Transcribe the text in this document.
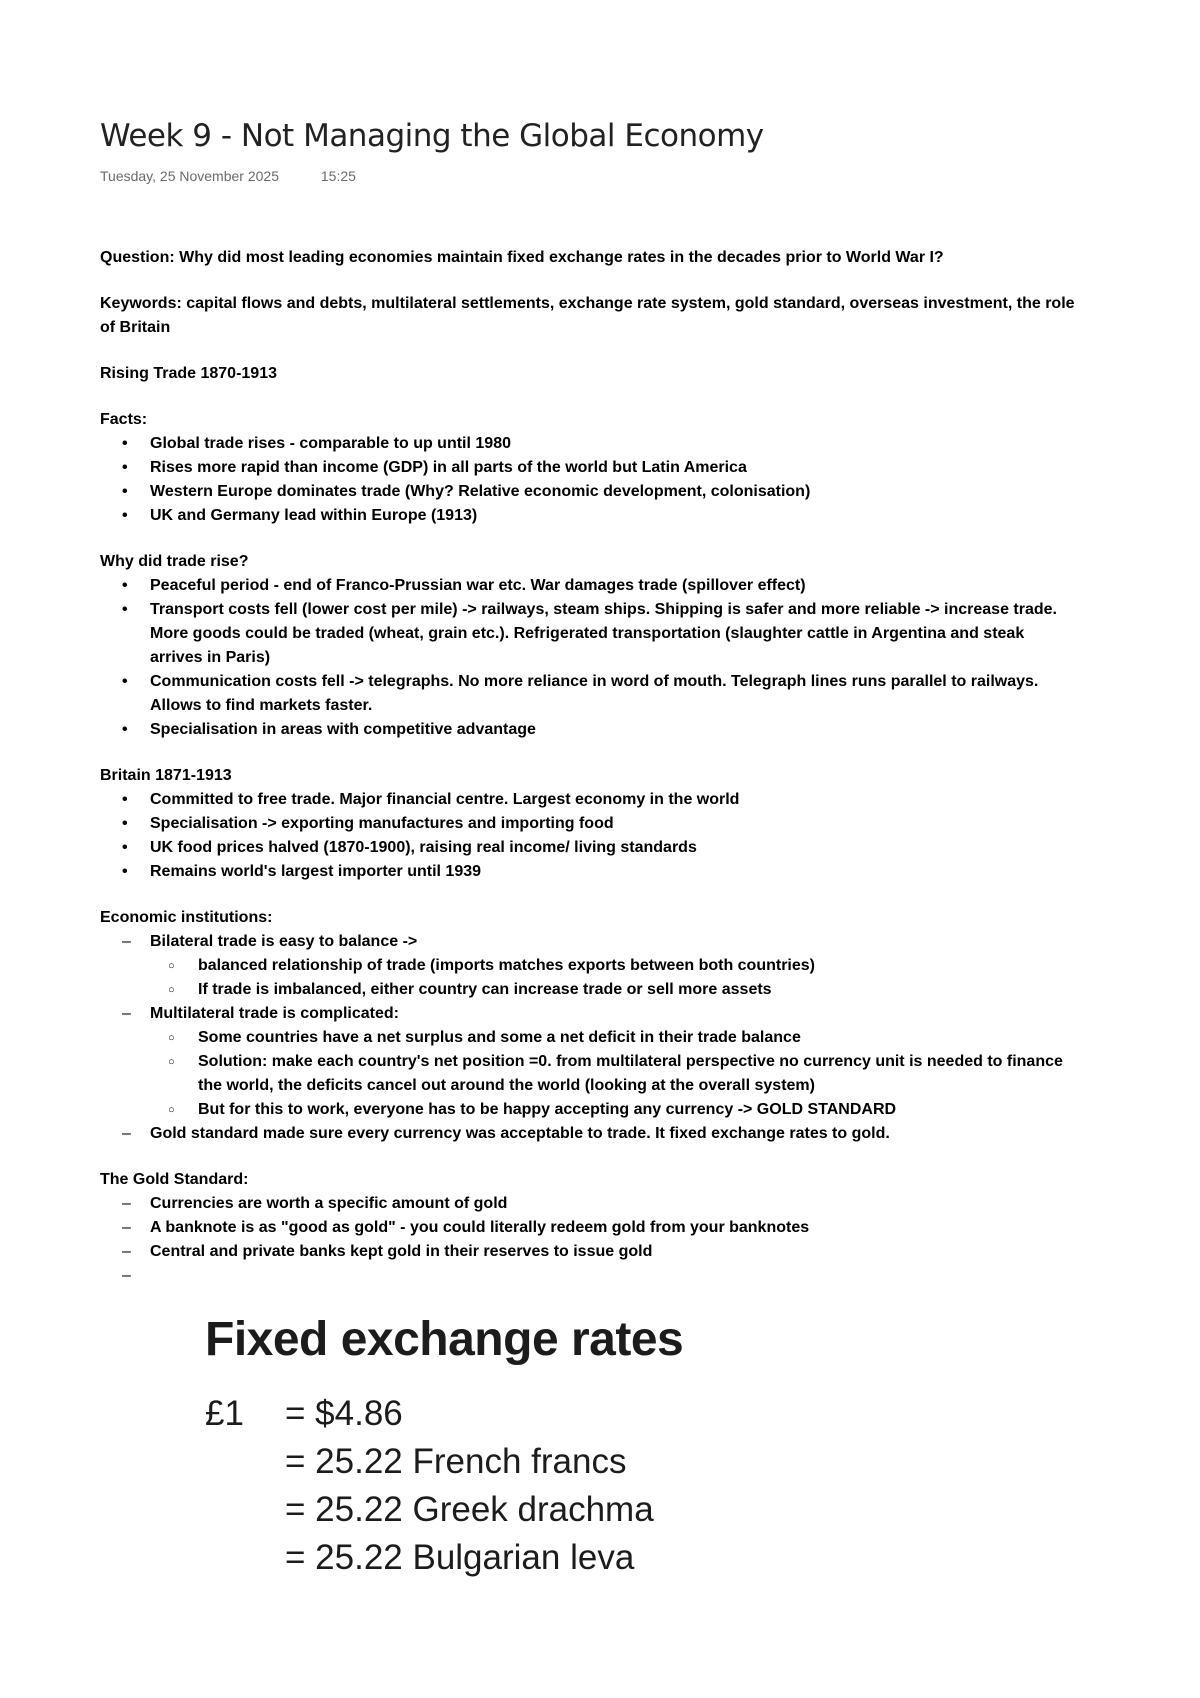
Week 9 - Not Managing the Global Economy
Tuesday, 25 November 2025	15:25

Question: Why did most leading economies maintain fixed exchange rates in the decades prior to World War I?

Keywords: capital flows and debts, multilateral settlements, exchange rate system, gold standard, overseas investment, the role of Britain

Rising Trade 1870-1913

Facts:

• Global trade rises - comparable to up until 1980
• Rises more rapid than income (GDP) in all parts of the world but Latin America
• Western Europe dominates trade (Why? Relative economic development, colonisation)
• UK and Germany lead within Europe (1913)

Why did trade rise?

• Peaceful period - end of Franco-Prussian war etc. War damages trade (spillover effect)
• Transport costs fell (lower cost per mile) -> railways, steam ships. Shipping is safer and more reliable -> increase trade. More goods could be traded (wheat, grain etc.). Refrigerated transportation (slaughter cattle in Argentina and steak arrives in Paris)
• Communication costs fell -> telegraphs. No more reliance in word of mouth. Telegraph lines runs parallel to railways. Allows to find markets faster.
• Specialisation in areas with competitive advantage

Britain 1871-1913

• Committed to free trade. Major financial centre. Largest economy in the world
• Specialisation -> exporting manufactures and importing food
• UK food prices halved (1870-1900), raising real income/ living standards
• Remains world's largest importer until 1939

Economic institutions:

– Bilateral trade is easy to balance ->
○ balanced relationship of trade (imports matches exports between both countries)
○ If trade is imbalanced, either country can increase trade or sell more assets
– Multilateral trade is complicated:
○ Some countries have a net surplus and some a net deficit in their trade balance
○ Solution: make each country's net position =0. from multilateral perspective no currency unit is needed to finance the world, the deficits cancel out around the world (looking at the overall system)
○ But for this to work, everyone has to be happy accepting any currency -> GOLD STANDARD
– Gold standard made sure every currency was acceptable to trade. It fixed exchange rates to gold.

The Gold Standard:

– Currencies are worth a specific amount of gold
– A banknote is as "good as gold" - you could literally redeem gold from your banknotes
– Central and private banks kept gold in their reserves to issue gold
–
Fixed exchange rates
£1 = $4.86
= 25.22 French francs
= 25.22 Greek drachma
= 25.22 Bulgarian leva
